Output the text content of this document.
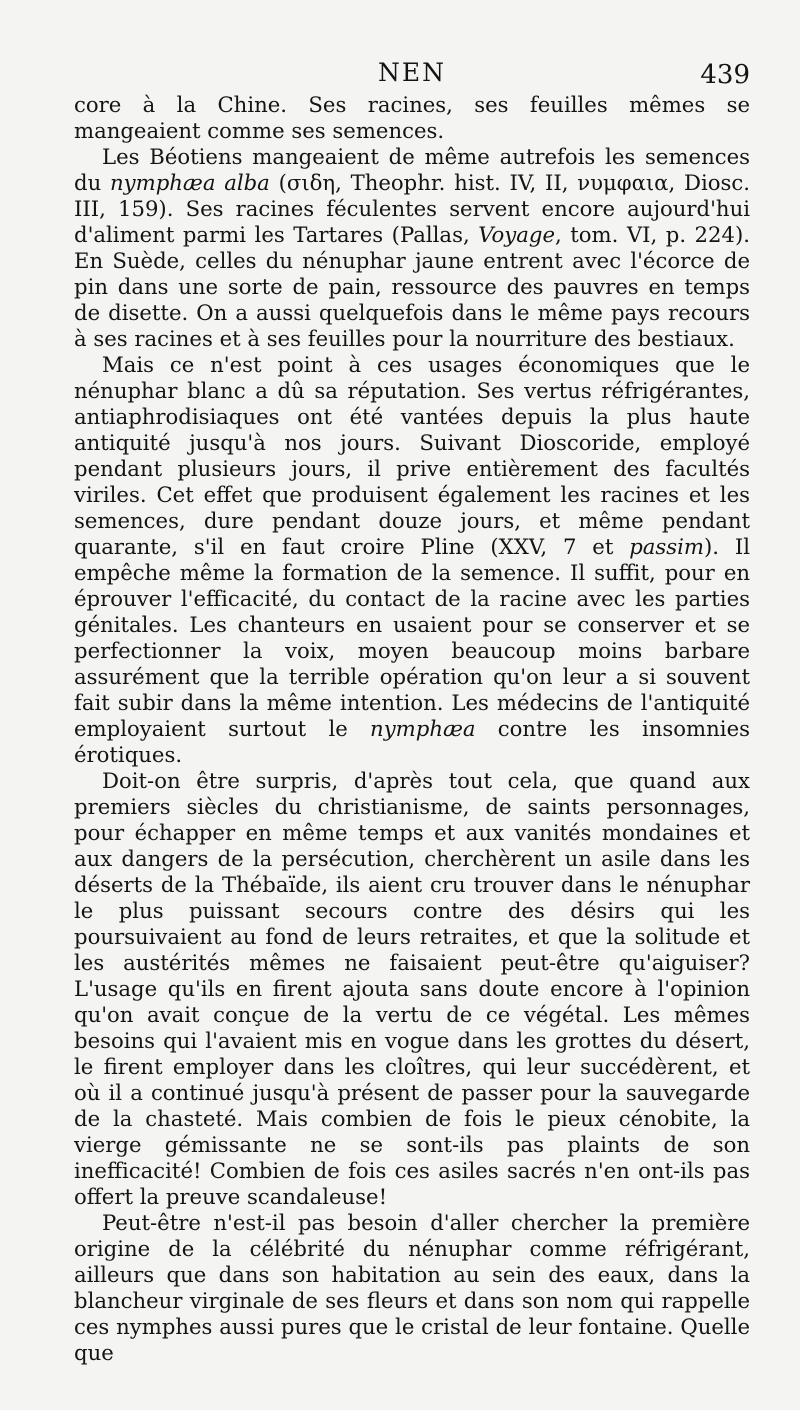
NEN	439

core à la Chine. Ses racines, ses feuilles mêmes se mangeaient comme ses semences.

Les Béotiens mangeaient de même autrefois les semences du nymphæa alba (σιδη, Theophr. hist. IV, II, νυμφαια, Diosc. III, 159). Ses racines féculentes servent encore aujourd'hui d'aliment parmi les Tartares (Pallas, Voyage, tom. VI, p. 224). En Suède, celles du nénuphar jaune entrent avec l'écorce de pin dans une sorte de pain, ressource des pauvres en temps de disette. On a aussi quelquefois dans le même pays recours à ses racines et à ses feuilles pour la nourriture des bestiaux.

Mais ce n'est point à ces usages économiques que le nénuphar blanc a dû sa réputation. Ses vertus réfrigérantes, antiaphrodisiaques ont été vantées depuis la plus haute antiquité jusqu'à nos jours. Suivant Dioscoride, employé pendant plusieurs jours, il prive entièrement des facultés viriles. Cet effet que produisent également les racines et les semences, dure pendant douze jours, et même pendant quarante, s'il en faut croire Pline (XXV, 7 et passim). Il empêche même la formation de la semence. Il suffit, pour en éprouver l'efficacité, du contact de la racine avec les parties génitales. Les chanteurs en usaient pour se conserver et se perfectionner la voix, moyen beaucoup moins barbare assurément que la terrible opération qu'on leur a si souvent fait subir dans la même intention. Les médecins de l'antiquité employaient surtout le nymphæa contre les insomnies érotiques.

Doit-on être surpris, d'après tout cela, que quand aux premiers siècles du christianisme, de saints personnages, pour échapper en même temps et aux vanités mondaines et aux dangers de la persécution, cherchèrent un asile dans les déserts de la Thébaïde, ils aient cru trouver dans le nénuphar le plus puissant secours contre des désirs qui les poursuivaient au fond de leurs retraites, et que la solitude et les austérités mêmes ne faisaient peut-être qu'aiguiser? L'usage qu'ils en firent ajouta sans doute encore à l'opinion qu'on avait conçue de la vertu de ce végétal. Les mêmes besoins qui l'avaient mis en vogue dans les grottes du désert, le firent employer dans les cloîtres, qui leur succédèrent, et où il a continué jusqu'à présent de passer pour la sauvegarde de la chasteté. Mais combien de fois le pieux cénobite, la vierge gémissante ne se sont-ils pas plaints de son inefficacité! Combien de fois ces asiles sacrés n'en ont-ils pas offert la preuve scandaleuse!

Peut-être n'est-il pas besoin d'aller chercher la première origine de la célébrité du nénuphar comme réfrigérant, ailleurs que dans son habitation au sein des eaux, dans la blancheur virginale de ses fleurs et dans son nom qui rappelle ces nymphes aussi pures que le cristal de leur fontaine. Quelle que
